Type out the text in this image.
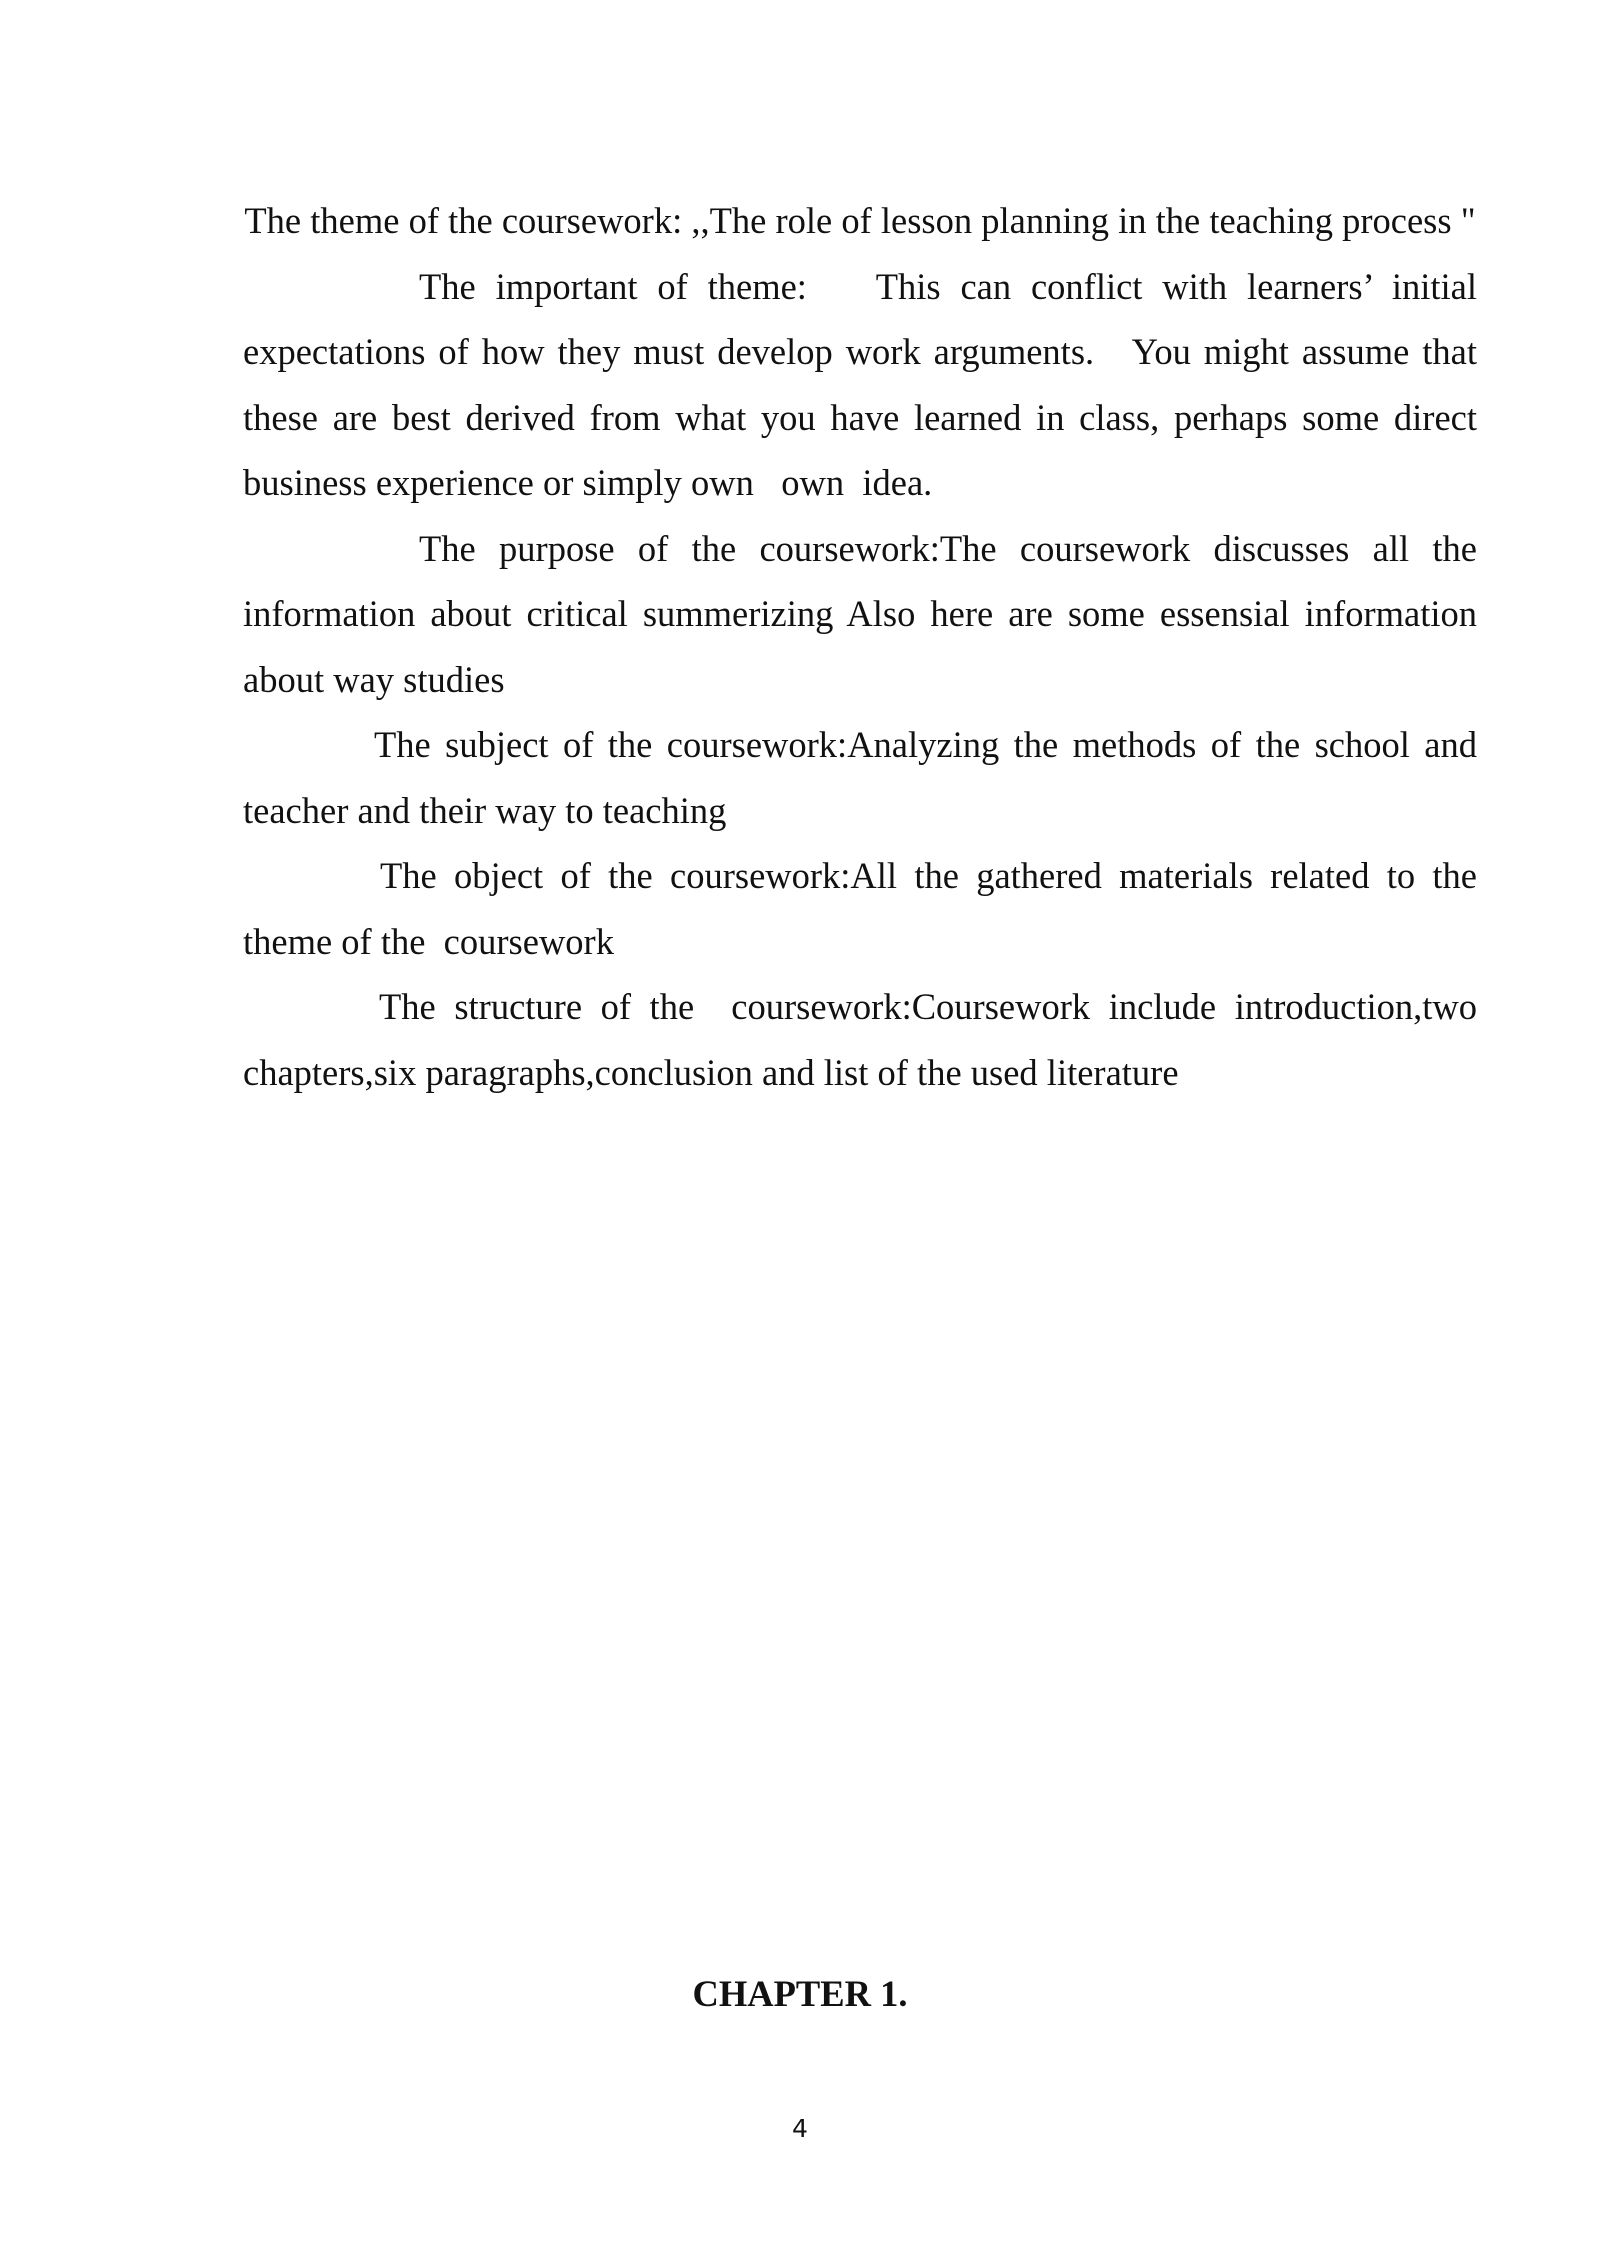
The theme of the coursework: ,,The role of lesson planning in the teaching process "

The  important  of  theme:       This  can  conflict  with  learners’  initial expectations of how they must develop work arguments.   You might assume that these are best derived from what you have learned in class, perhaps some direct business experience or simply own   own  idea.

The  purpose  of  the  coursework:The  coursework  discusses  all  the information about critical summerizing Also here are some essensial information about way studies

The subject of the coursework:Analyzing the methods of the school and teacher and their way to teaching

The object of the coursework:All the gathered materials related to the theme of the  coursework

The structure of the  coursework:Coursework include introduction,two chapters,six paragraphs,conclusion and list of the used literature

CHAPTER 1.

4
